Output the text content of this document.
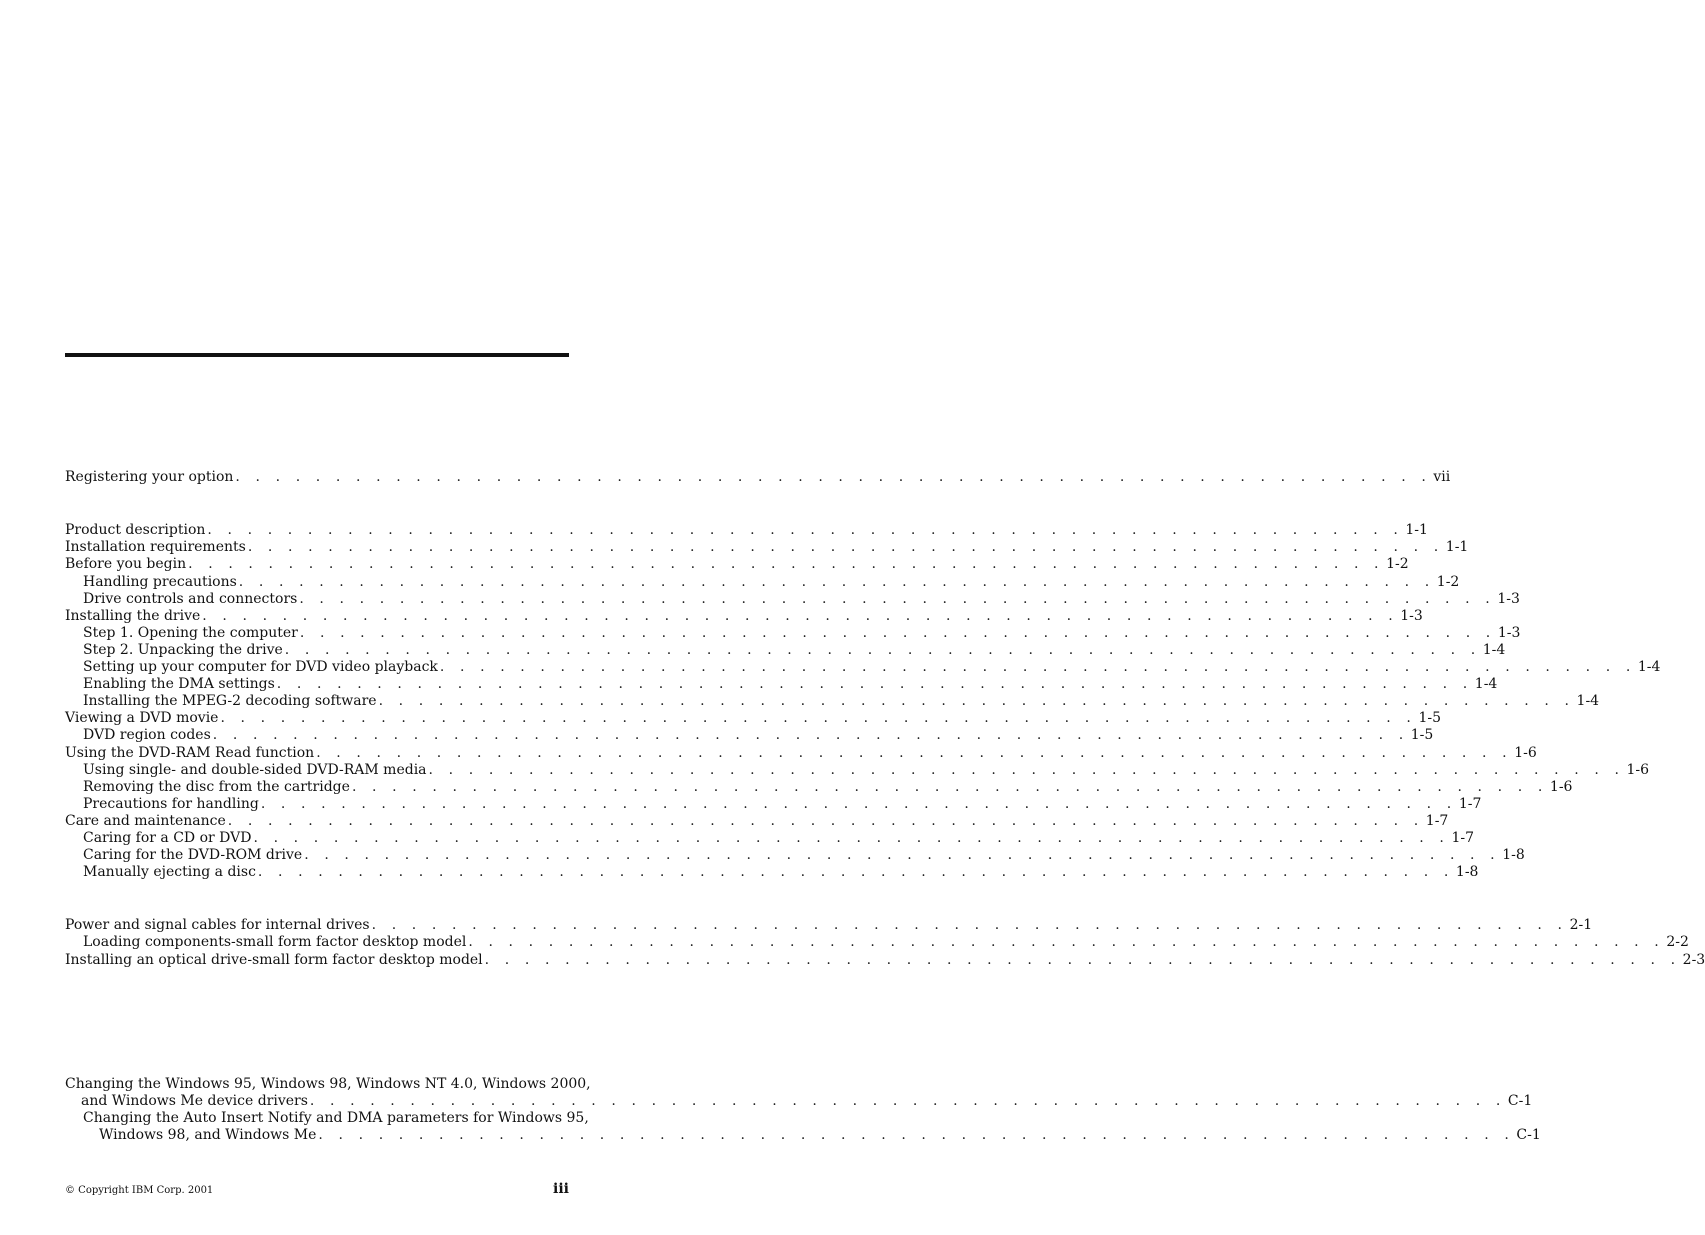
Registering your option . . . . . . . . . . . . . . . . . . . . . . . . . . . . . . . . . . . . . . . . . . . . . . . . . . . . . . . . . . . . vii
Product description . . . . . . . . . . . . . . . . . . . . . . . . . . . . . . . . . . . . . . . . . . . . . . . . . . . . . . . . . . . . 1-1
Installation requirements . . . . . . . . . . . . . . . . . . . . . . . . . . . . . . . . . . . . . . . . . . . . . . . . . . . . . . . . . . . . 1-1
Before you begin . . . . . . . . . . . . . . . . . . . . . . . . . . . . . . . . . . . . . . . . . . . . . . . . . . . . . . . . . . . . 1-2
Handling precautions . . . . . . . . . . . . . . . . . . . . . . . . . . . . . . . . . . . . . . . . . . . . . . . . . . . . . . . . . . . . 1-2
Drive controls and connectors . . . . . . . . . . . . . . . . . . . . . . . . . . . . . . . . . . . . . . . . . . . . . . . . . . . . . . . . . . . . 1-3
Installing the drive . . . . . . . . . . . . . . . . . . . . . . . . . . . . . . . . . . . . . . . . . . . . . . . . . . . . . . . . . . . . 1-3
Step 1. Opening the computer . . . . . . . . . . . . . . . . . . . . . . . . . . . . . . . . . . . . . . . . . . . . . . . . . . . . . . . . . . . . 1-3
Step 2. Unpacking the drive . . . . . . . . . . . . . . . . . . . . . . . . . . . . . . . . . . . . . . . . . . . . . . . . . . . . . . . . . . . . 1-4
Setting up your computer for DVD video playback . . . . . . . . . . . . . . . . . . . . . . . . . . . . . . . . . . . . . . . . . . . . . . . . . . . . . . . . . . . . 1-4
Enabling the DMA settings . . . . . . . . . . . . . . . . . . . . . . . . . . . . . . . . . . . . . . . . . . . . . . . . . . . . . . . . . . . . 1-4
Installing the MPEG-2 decoding software . . . . . . . . . . . . . . . . . . . . . . . . . . . . . . . . . . . . . . . . . . . . . . . . . . . . . . . . . . . . 1-4
Viewing a DVD movie . . . . . . . . . . . . . . . . . . . . . . . . . . . . . . . . . . . . . . . . . . . . . . . . . . . . . . . . . . . . 1-5
DVD region codes . . . . . . . . . . . . . . . . . . . . . . . . . . . . . . . . . . . . . . . . . . . . . . . . . . . . . . . . . . . . 1-5
Using the DVD-RAM Read function . . . . . . . . . . . . . . . . . . . . . . . . . . . . . . . . . . . . . . . . . . . . . . . . . . . . . . . . . . . . 1-6
Using single- and double-sided DVD-RAM media . . . . . . . . . . . . . . . . . . . . . . . . . . . . . . . . . . . . . . . . . . . . . . . . . . . . . . . . . . . . 1-6
Removing the disc from the cartridge . . . . . . . . . . . . . . . . . . . . . . . . . . . . . . . . . . . . . . . . . . . . . . . . . . . . . . . . . . . . 1-6
Precautions for handling . . . . . . . . . . . . . . . . . . . . . . . . . . . . . . . . . . . . . . . . . . . . . . . . . . . . . . . . . . . . 1-7
Care and maintenance . . . . . . . . . . . . . . . . . . . . . . . . . . . . . . . . . . . . . . . . . . . . . . . . . . . . . . . . . . . . 1-7
Caring for a CD or DVD . . . . . . . . . . . . . . . . . . . . . . . . . . . . . . . . . . . . . . . . . . . . . . . . . . . . . . . . . . . . 1-7
Caring for the DVD-ROM drive . . . . . . . . . . . . . . . . . . . . . . . . . . . . . . . . . . . . . . . . . . . . . . . . . . . . . . . . . . . . 1-8
Manually ejecting a disc . . . . . . . . . . . . . . . . . . . . . . . . . . . . . . . . . . . . . . . . . . . . . . . . . . . . . . . . . . . . 1-8
Power and signal cables for internal drives . . . . . . . . . . . . . . . . . . . . . . . . . . . . . . . . . . . . . . . . . . . . . . . . . . . . . . . . . . . . 2-1
Loading components-small form factor desktop model . . . . . . . . . . . . . . . . . . . . . . . . . . . . . . . . . . . . . . . . . . . . . . . . . . . . . . . . . . . . 2-2
Installing an optical drive-small form factor desktop model . . . . . . . . . . . . . . . . . . . . . . . . . . . . . . . . . . . . . . . . . . . . . . . . . . . . . . . . . . . . 2-3
Changing the Windows 95, Windows 98, Windows NT 4.0, Windows 2000,
and Windows Me device drivers . . . . . . . . . . . . . . . . . . . . . . . . . . . . . . . . . . . . . . . . . . . . . . . . . . . . . . . . . . . . C-1
Changing the Auto Insert Notify and DMA parameters for Windows 95,
Windows 98, and Windows Me . . . . . . . . . . . . . . . . . . . . . . . . . . . . . . . . . . . . . . . . . . . . . . . . . . . . . . . . . . . . C-1
© Copyright IBM Corp. 2001	iii
